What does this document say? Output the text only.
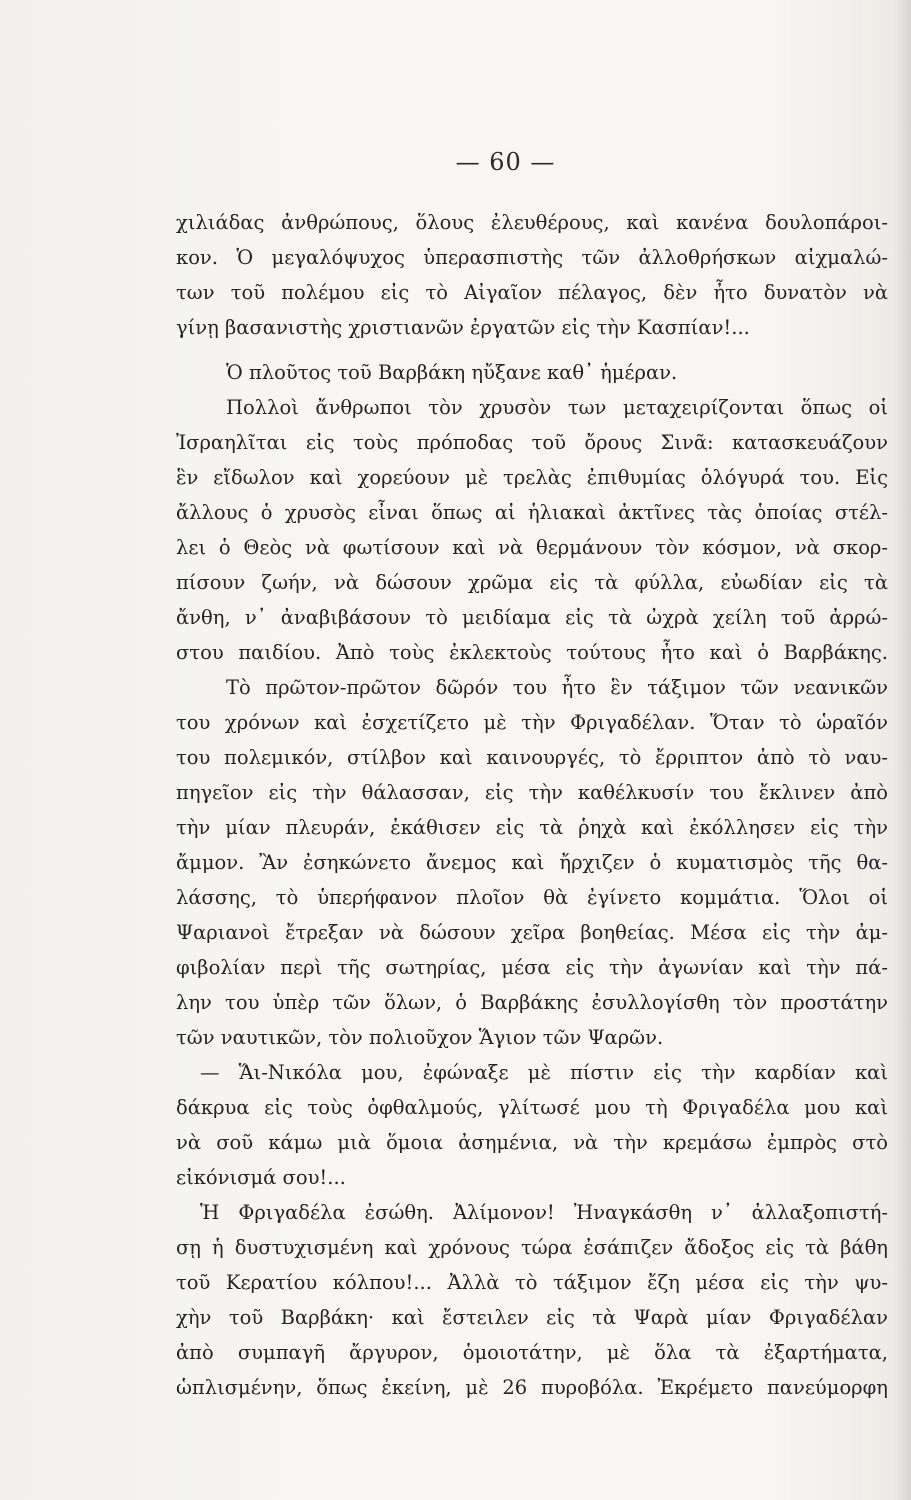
— 60 —
χιλιάδας ἀνθρώπους, ὅλους ἐλευθέρους, καὶ κανένα δουλοπάροι-
κον. Ὁ μεγαλόψυχος ὑπερασπιστὴς τῶν ἀλλοθρήσκων αἰχμαλώ-
των τοῦ πολέμου εἰς τὸ Αἰγαῖον πέλαγος, δὲν ἦτο δυνατὸν νὰ
γίνῃ βασανιστὴς χριστιανῶν ἐργατῶν εἰς τὴν Κασπίαν!...
Ὁ πλοῦτος τοῦ Βαρβάκη ηὔξανε καθ᾽ ἡμέραν.
Πολλοὶ ἄνθρωποι τὸν χρυσὸν των μεταχειρίζονται ὅπως οἱ
Ἰσραηλῖται εἰς τοὺς πρόποδας τοῦ ὄρους Σινᾶ: κατασκευάζουν
ἓν εἴδωλον καὶ χορεύουν μὲ τρελὰς ἐπιθυμίας ὁλόγυρά του. Εἰς
ἄλλους ὁ χρυσὸς εἶναι ὅπως αἱ ἡλιακαὶ ἀκτῖνες τὰς ὁποίας στέλ-
λει ὁ Θεὸς νὰ φωτίσουν καὶ νὰ θερμάνουν τὸν κόσμον, νὰ σκορ-
πίσουν ζωήν, νὰ δώσουν χρῶμα εἰς τὰ φύλλα, εὐωδίαν εἰς τὰ
ἄνθη, ν᾽ ἀναβιβάσουν τὸ μειδίαμα εἰς τὰ ὠχρὰ χείλη τοῦ ἀρρώ-
στου παιδίου. Ἀπὸ τοὺς ἐκλεκτοὺς τούτους ἦτο καὶ ὁ Βαρβάκης.
Τὸ πρῶτον-πρῶτον δῶρόν του ἦτο ἓν τάξιμον τῶν νεανικῶν
του χρόνων καὶ ἐσχετίζετο μὲ τὴν Φριγαδέλαν. Ὅταν τὸ ὡραῖόν
του πολεμικόν, στίλβον καὶ καινουργές, τὸ ἔρριπτον ἀπὸ τὸ ναυ-
πηγεῖον εἰς τὴν θάλασσαν, εἰς τὴν καθέλκυσίν του ἔκλινεν ἀπὸ
τὴν μίαν πλευράν, ἐκάθισεν εἰς τὰ ῥηχὰ καὶ ἐκόλλησεν εἰς τὴν
ἄμμον. Ἂν ἐσηκώνετο ἄνεμος καὶ ἤρχιζεν ὁ κυματισμὸς τῆς θα-
λάσσης, τὸ ὑπερήφανον πλοῖον θὰ ἐγίνετο κομμάτια. Ὅλοι οἱ
Ψαριανοὶ ἔτρεξαν νὰ δώσουν χεῖρα βοηθείας. Μέσα εἰς τὴν ἀμ-
φιβολίαν περὶ τῆς σωτηρίας, μέσα εἰς τὴν ἀγωνίαν καὶ τὴν πά-
λην του ὑπὲρ τῶν ὅλων, ὁ Βαρβάκης ἐσυλλογίσθη τὸν προστάτην
τῶν ναυτικῶν, τὸν πολιοῦχον Ἅγιον τῶν Ψαρῶν.
— Ἅι-Νικόλα μου, ἐφώναξε μὲ πίστιν εἰς τὴν καρδίαν καὶ
δάκρυα εἰς τοὺς ὀφθαλμούς, γλίτωσέ μου τὴ Φριγαδέλα μου καὶ
νὰ σοῦ κάμω μιὰ ὅμοια ἀσημένια, νὰ τὴν κρεμάσω ἐμπρὸς στὸ
εἰκόνισμά σου!...
Ἡ Φριγαδέλα ἐσώθη. Ἀλίμονον! Ἠναγκάσθη ν᾽ ἀλλαξοπιστή-
σῃ ἡ δυστυχισμένη καὶ χρόνους τώρα ἐσάπιζεν ἄδοξος εἰς τὰ βάθη
τοῦ Κερατίου κόλπου!... Ἀλλὰ τὸ τάξιμον ἔζη μέσα εἰς τὴν ψυ-
χὴν τοῦ Βαρβάκη· καὶ ἔστειλεν εἰς τὰ Ψαρὰ μίαν Φριγαδέλαν
ἀπὸ συμπαγῆ ἄργυρον, ὁμοιοτάτην, μὲ ὅλα τὰ ἐξαρτήματα,
ὡπλισμένην, ὅπως ἐκείνη, μὲ 26 πυροβόλα. Ἐκρέμετο πανεύμορφη
